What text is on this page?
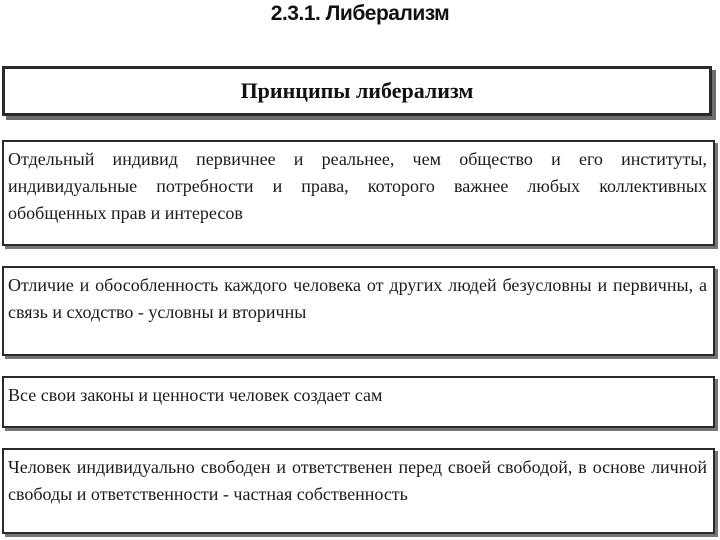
2.3.1. Либерализм
Принципы либерализм
Отдельный индивид первичнее и реальнее, чем общество и его институты, индивидуальные потребности и права, которого важнее любых коллективных обобщенных прав и интересов
Отличие и обособленность каждого человека от других людей безусловны и первичны, а связь и сходство - условны и вторичны
Все свои законы и ценности человек создает сам
Человек индивидуально свободен и ответственен перед своей свободой, в основе личной свободы и ответственности - частная собственность
